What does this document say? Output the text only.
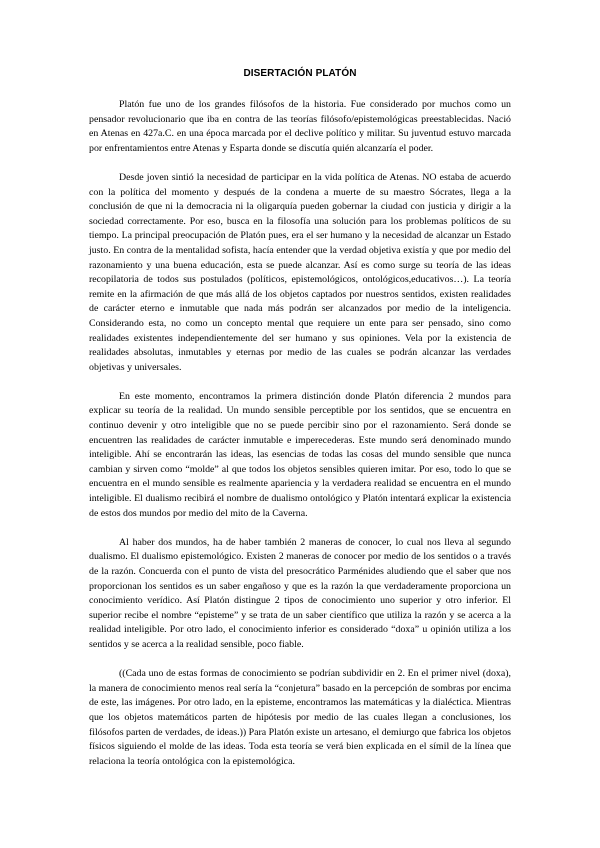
DISERTACIÓN PLATÓN

Platón fue uno de los grandes filósofos de la historia. Fue considerado por muchos como un pensador revolucionario que iba en contra de las teorías filósofo/epistemológicas preestablecidas. Nació en Atenas en 427a.C. en una época marcada por el declive político y militar. Su juventud estuvo marcada por enfrentamientos entre Atenas y Esparta donde se discutía quién alcanzaría el poder.

Desde joven sintió la necesidad de participar en la vida política de Atenas. NO estaba de acuerdo con la política del momento y después de la condena a muerte de su maestro Sócrates, llega a la conclusión de que ni la democracia ni la oligarquía pueden gobernar la ciudad con justicia y dirigir a la sociedad correctamente. Por eso, busca en la filosofía una solución para los problemas políticos de su tiempo. La principal preocupación de Platón pues, era el ser humano y la necesidad de alcanzar un Estado justo. En contra de la mentalidad sofista, hacía entender que la verdad objetiva existía y que por medio del razonamiento y una buena educación, esta se puede alcanzar. Así es como surge su teoría de las ideas recopilatoria de todos sus postulados (políticos, epistemológicos, ontológicos,educativos…). La teoría remite en la afirmación de que más allá de los objetos captados por nuestros sentidos, existen realidades de carácter eterno e inmutable que nada más podrán ser alcanzados por medio de la inteligencia. Considerando esta, no como un concepto mental que requiere un ente para ser pensado, sino como realidades existentes independientemente del ser humano y sus opiniones. Vela por la existencia de realidades absolutas, inmutables y eternas por medio de las cuales se podrán alcanzar las verdades objetivas y universales.

En este momento, encontramos la primera distinción donde Platón diferencia 2 mundos para explicar su teoría de la realidad. Un mundo sensible perceptible por los sentidos, que se encuentra en continuo devenir y otro inteligible que no se puede percibir sino por el razonamiento. Será donde se encuentren las realidades de carácter inmutable e imperecederas. Este mundo será denominado mundo inteligible. Ahí se encontrarán las ideas, las esencias de todas las cosas del mundo sensible que nunca cambian y sirven como “molde” al que todos los objetos sensibles quieren imitar. Por eso, todo lo que se encuentra en el mundo sensible es realmente apariencia y la verdadera realidad se encuentra en el mundo inteligible. El dualismo recibirá el nombre de dualismo ontológico y Platón intentará explicar la existencia de estos dos mundos por medio del mito de la Caverna.

Al haber dos mundos, ha de haber también 2 maneras de conocer, lo cual nos lleva al segundo dualismo. El dualismo epistemológico. Existen 2 maneras de conocer por medio de los sentidos o a través de la razón. Concuerda con el punto de vista del presocrático Parménides aludiendo que el saber que nos proporcionan los sentidos es un saber engañoso y que es la razón la que verdaderamente proporciona un conocimiento verídico. Así Platón distingue 2 tipos de conocimiento uno superior y otro inferior. El superior recibe el nombre “episteme” y se trata de un saber científico que utiliza la razón y se acerca a la realidad inteligible. Por otro lado, el conocimiento inferior es considerado “doxa” u opinión utiliza a los sentidos y se acerca a la realidad sensible, poco fiable.

((Cada uno de estas formas de conocimiento se podrían subdividir en 2. En el primer nivel (doxa), la manera de conocimiento menos real sería la “conjetura” basado en la percepción de sombras por encima de este, las imágenes. Por otro lado, en la episteme, encontramos las matemáticas y la dialéctica. Mientras que los objetos matemáticos parten de hipótesis por medio de las cuales llegan a conclusiones, los filósofos parten de verdades, de ideas.)) Para Platón existe un artesano, el demiurgo que fabrica los objetos físicos siguiendo el molde de las ideas. Toda esta teoría se verá bien explicada en el símil de la línea que relaciona la teoría ontológica con la epistemológica.
